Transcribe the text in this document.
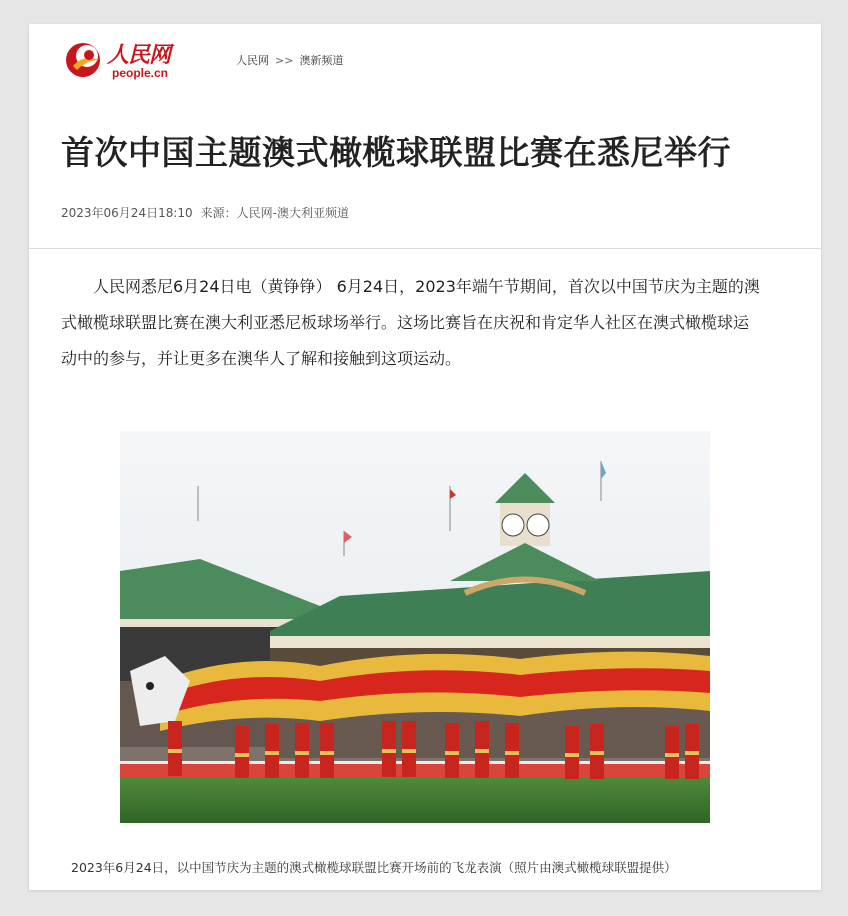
人民网
people.cn
人民网 >> 澳新频道
首次中国主题澳式橄榄球联盟比赛在悉尼举行
2023年06月24日18:10 来源：人民网-澳大利亚频道

人民网悉尼6月24日电（黄铮铮） 6月24日，2023年端午节期间，首次以中国节庆为主题的澳式橄榄球联盟比赛在澳大利亚悉尼板球场举行。这场比赛旨在庆祝和肯定华人社区在澳式橄榄球运动中的参与，并让更多在澳华人了解和接触到这项运动。

2023年6月24日，以中国节庆为主题的澳式橄榄球联盟比赛开场前的飞龙表演（照片由澳式橄榄球联盟提供）
